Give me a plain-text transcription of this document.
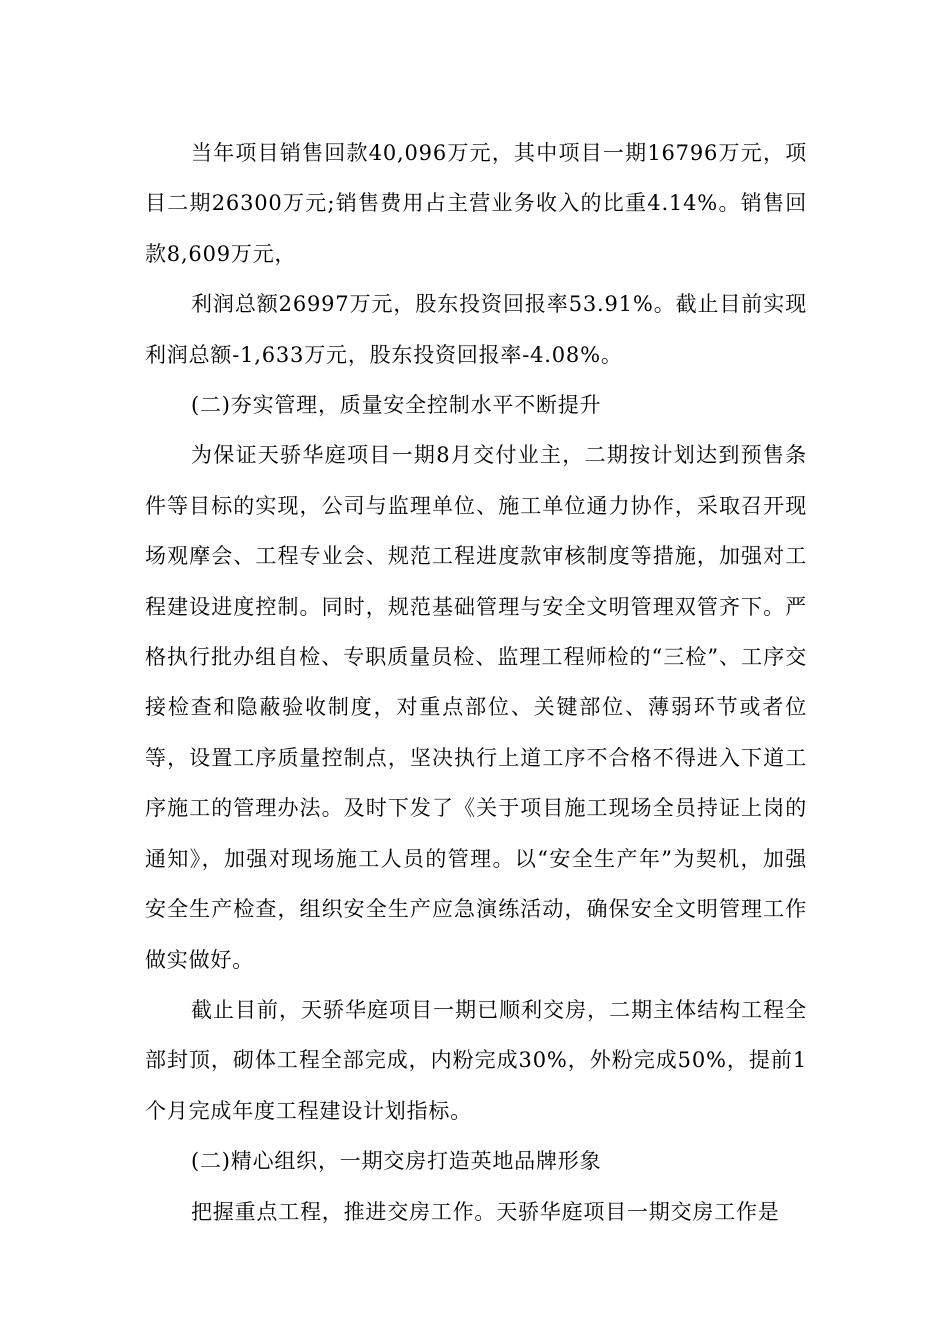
当年项目销售回款40,096万元，其中项目一期16796万元，项目二期26300万元;销售费用占主营业务收入的比重4.14%。销售回款8,609万元，

利润总额26997万元，股东投资回报率53.91%。截止目前实现利润总额-1,633万元，股东投资回报率-4.08%。

(二)夯实管理，质量安全控制水平不断提升

为保证天骄华庭项目一期8月交付业主，二期按计划达到预售条件等目标的实现，公司与监理单位、施工单位通力协作，采取召开现场观摩会、工程专业会、规范工程进度款审核制度等措施，加强对工程建设进度控制。同时，规范基础管理与安全文明管理双管齐下。严格执行批办组自检、专职质量员检、监理工程师检的“三检”、工序交接检查和隐蔽验收制度，对重点部位、关键部位、薄弱环节或者位等，设置工序质量控制点，坚决执行上道工序不合格不得进入下道工序施工的管理办法。及时下发了《关于项目施工现场全员持证上岗的通知》，加强对现场施工人员的管理。以“安全生产年”为契机，加强安全生产检查，组织安全生产应急演练活动，确保安全文明管理工作做实做好。

截止目前，天骄华庭项目一期已顺利交房，二期主体结构工程全部封顶，砌体工程全部完成，内粉完成30%，外粉完成50%，提前1个月完成年度工程建设计划指标。

(二)精心组织，一期交房打造英地品牌形象

把握重点工程，推进交房工作。天骄华庭项目一期交房工作是
